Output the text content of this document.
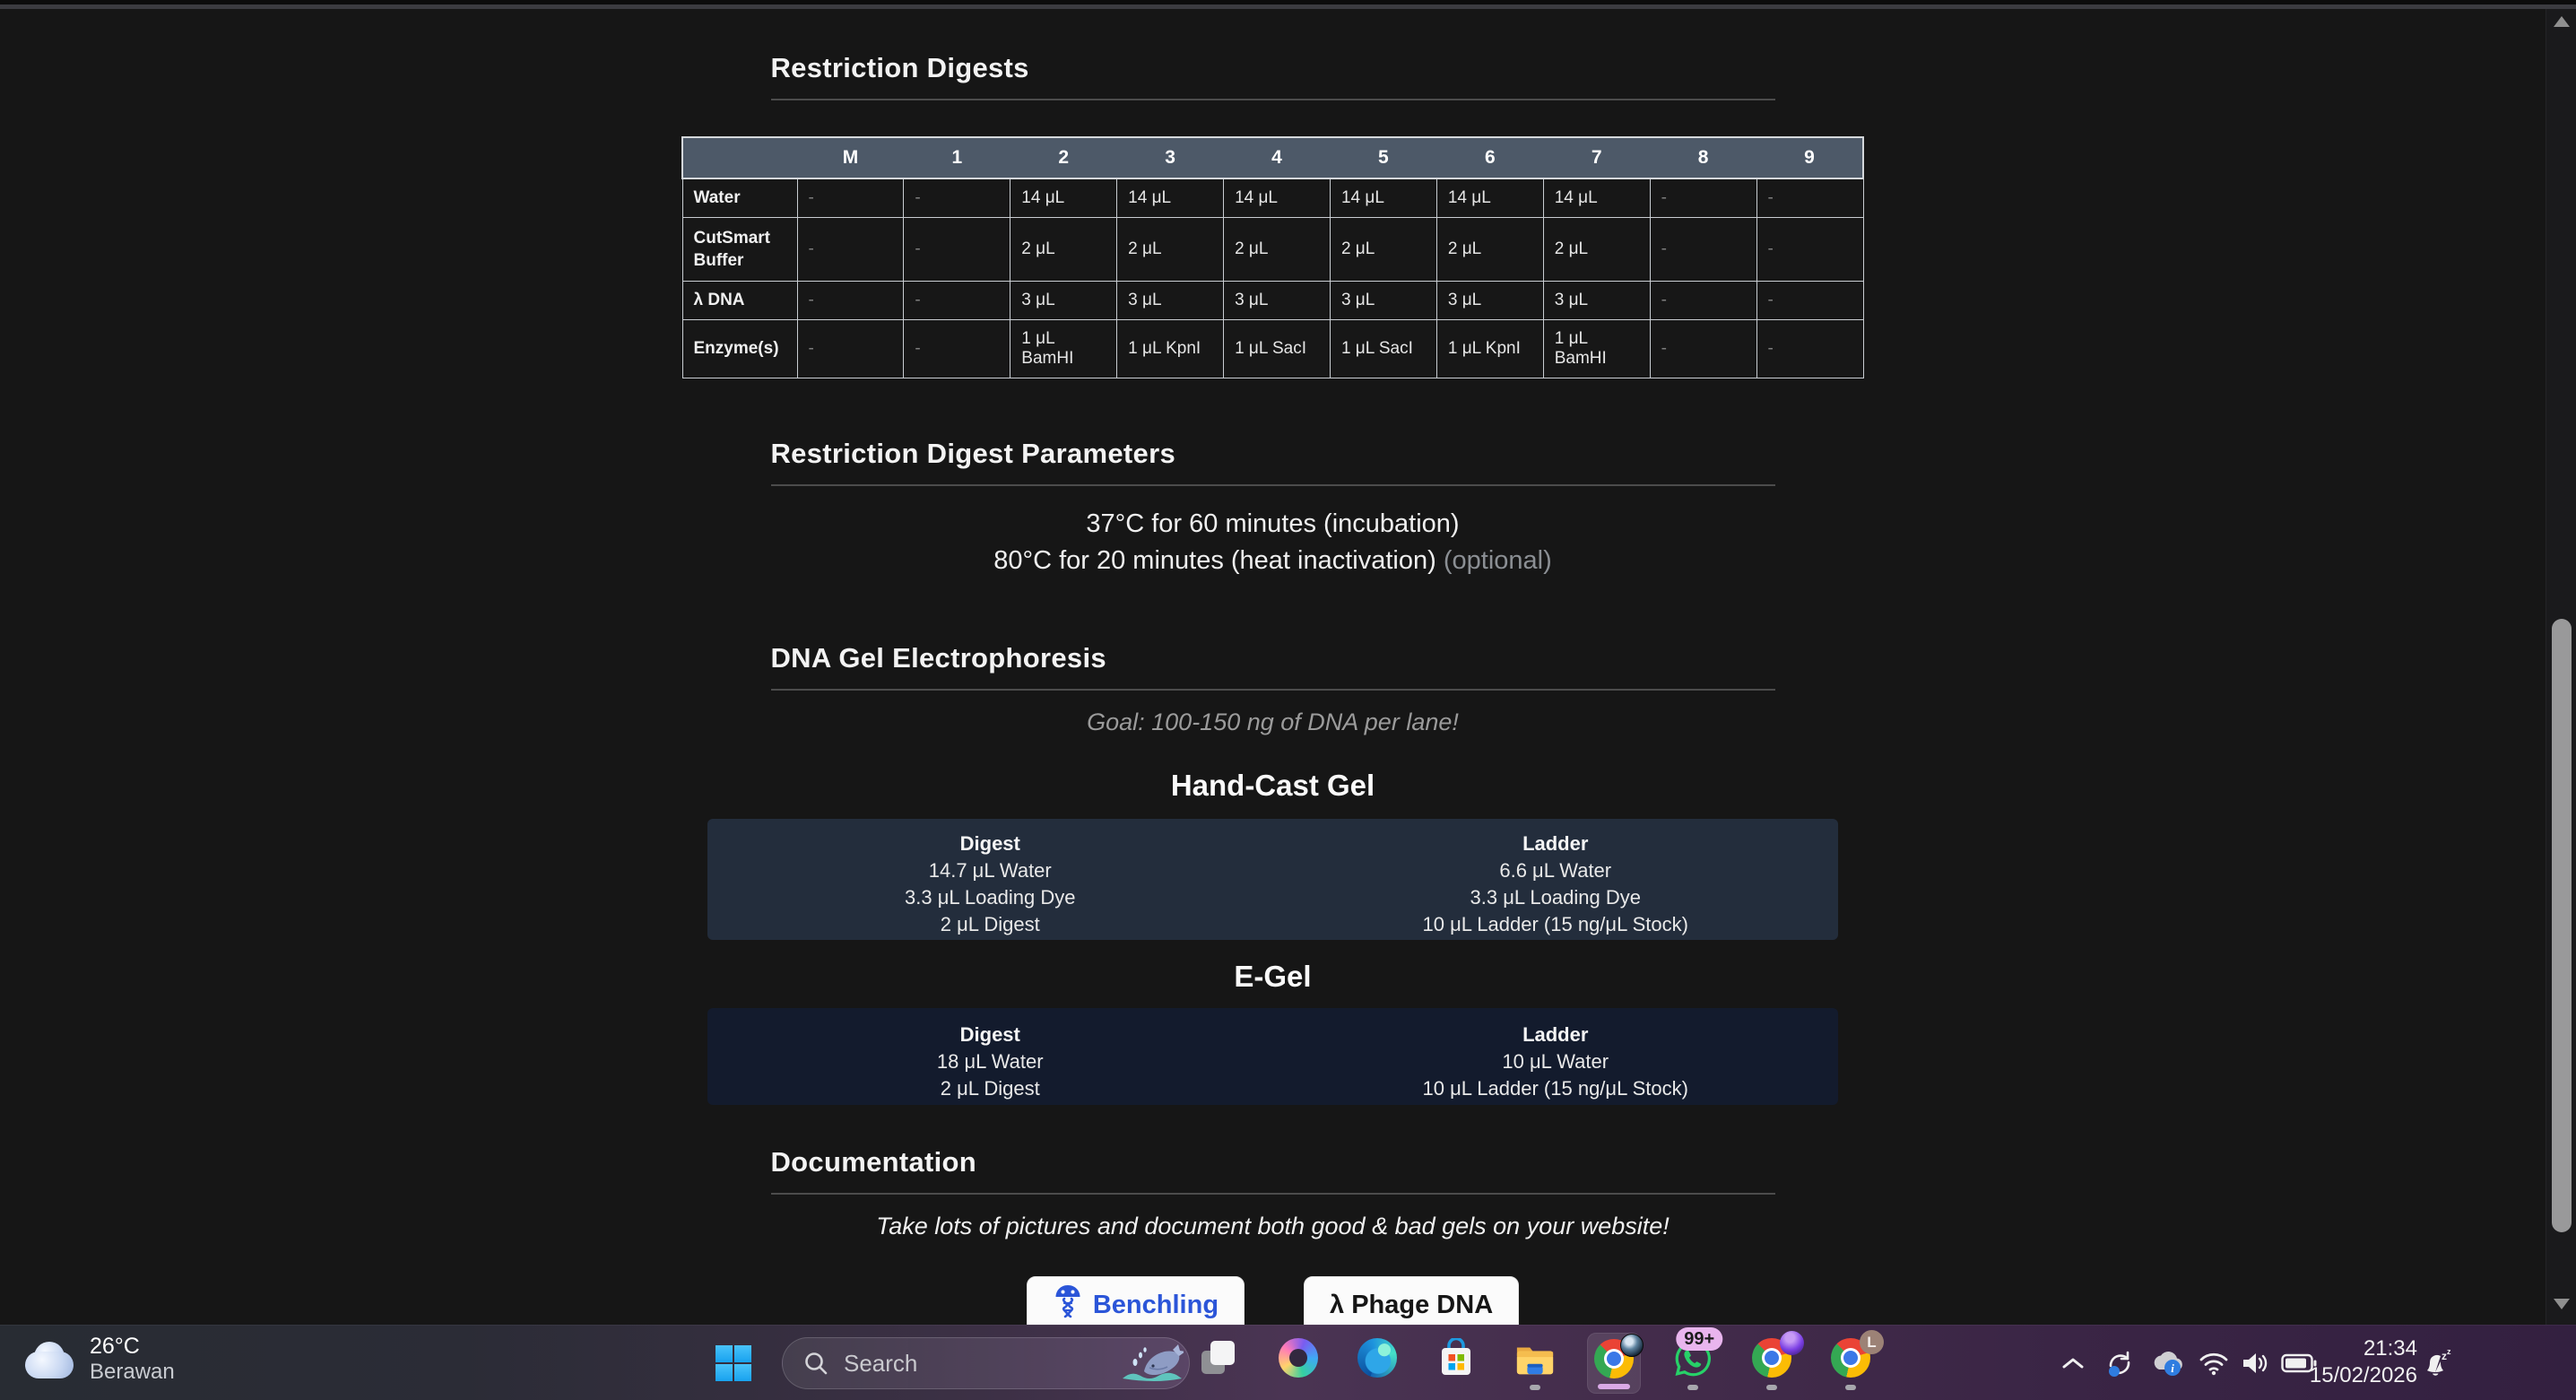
Restriction Digests
	M	1	2	3	4	5	6	7	8	9
Water	-	-	14 μL	14 μL	14 μL	14 μL	14 μL	14 μL	-	-
CutSmart Buffer	-	-	2 μL	2 μL	2 μL	2 μL	2 μL	2 μL	-	-
λ DNA	-	-	3 μL	3 μL	3 μL	3 μL	3 μL	3 μL	-	-
Enzyme(s)	-	-	1 μL BamHI	1 μL KpnI	1 μL SacI	1 μL SacI	1 μL KpnI	1 μL BamHI	-	-
Restriction Digest Parameters

37°C for 60 minutes (incubation)

80°C for 20 minutes (heat inactivation) (optional)

DNA Gel Electrophoresis

Goal: 100-150 ng of DNA per lane!

Hand-Cast Gel
Digest
14.7 μL Water
3.3 μL Loading Dye
2 μL Digest
Ladder
6.6 μL Water
3.3 μL Loading Dye
10 μL Ladder (15 ng/μL Stock)
E-Gel
Digest
18 μL Water
2 μL Digest
Ladder
10 μL Water
10 μL Ladder (15 ng/μL Stock)
Documentation

Take lots of pictures and document both good & bad gels on your website!

Benchling	λ Phage DNA
26°C
Berawan	Search
99+	L
i
21:34
15/02/2026
z z
